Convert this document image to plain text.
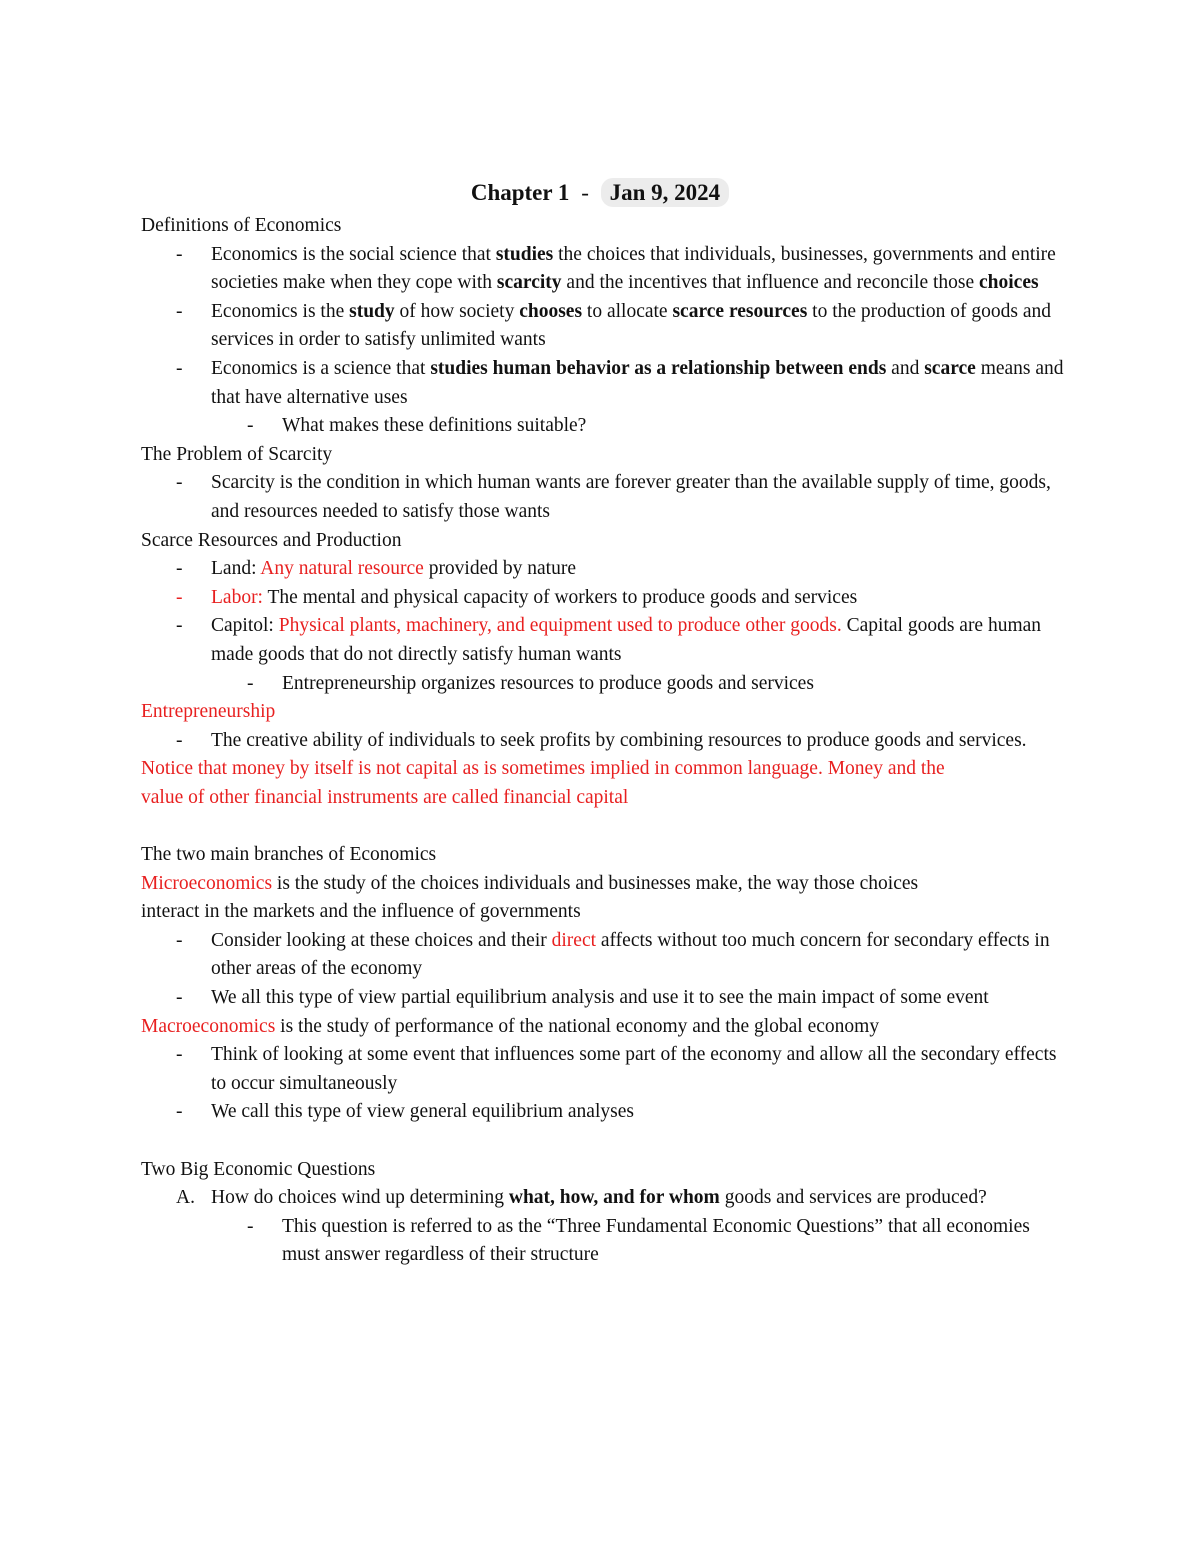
Chapter 1 - Jan 9, 2024
Definitions of Economics
-	Economics is the social science that studies the choices that individuals, businesses, governments and entire societies make when they cope with scarcity and the incentives that influence and reconcile those choices
-	Economics is the study of how society chooses to allocate scarce resources to the production of goods and services in order to satisfy unlimited wants
-	Economics is a science that studies human behavior as a relationship between ends and scarce means and that have alternative uses
-	What makes these definitions suitable?
The Problem of Scarcity
-	Scarcity is the condition in which human wants are forever greater than the available supply of time, goods, and resources needed to satisfy those wants
Scarce Resources and Production
-	Land: Any natural resource provided by nature
-	Labor: The mental and physical capacity of workers to produce goods and services
-	Capitol: Physical plants, machinery, and equipment used to produce other goods. Capital goods are human made goods that do not directly satisfy human wants
-	Entrepreneurship organizes resources to produce goods and services
Entrepreneurship
-	The creative ability of individuals to seek profits by combining resources to produce goods and services.
Notice that money by itself is not capital as is sometimes implied in common language. Money and the
value of other financial instruments are called financial capital
The two main branches of Economics
Microeconomics is the study of the choices individuals and businesses make, the way those choices
interact in the markets and the influence of governments
-	Consider looking at these choices and their direct affects without too much concern for secondary effects in other areas of the economy
-	We all this type of view partial equilibrium analysis and use it to see the main impact of some event
Macroeconomics is the study of performance of the national economy and the global economy
-	Think of looking at some event that influences some part of the economy and allow all the secondary effects to occur simultaneously
-	We call this type of view general equilibrium analyses
Two Big Economic Questions
A. How do choices wind up determining what, how, and for whom goods and services are produced?
-	This question is referred to as the “Three Fundamental Economic Questions” that all economies must answer regardless of their structure
